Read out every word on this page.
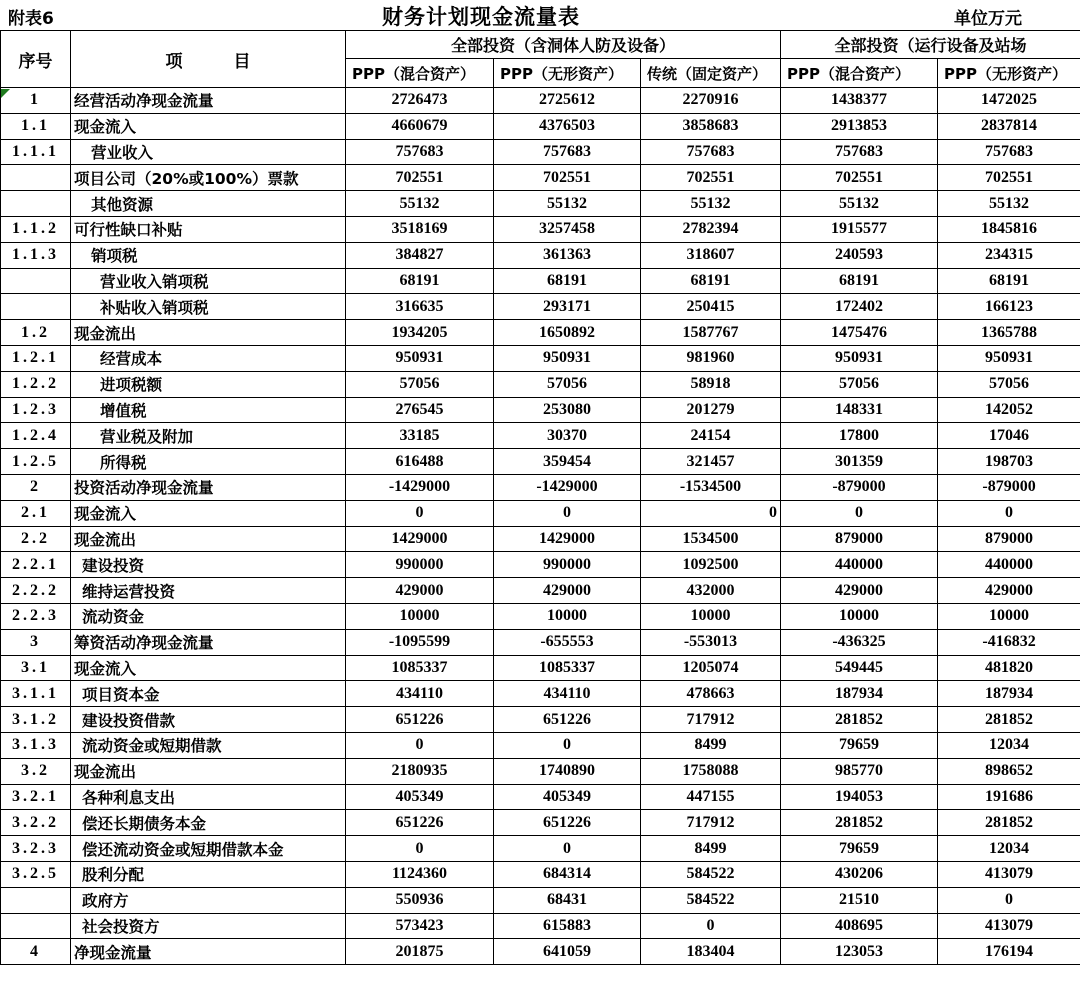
附表6	财务计划现金流量表	单位万元
序号	项　　　目	全部投资（含洞体人防及设备）			全部投资（运行设备及站场	
		PPP（混合资产）	PPP（无形资产）	传统（固定资产）	PPP（混合资产）	PPP（无形资产）
1	经营活动净现金流量	2726473	2725612	2270916	1438377	1472025
1.1	现金流入	4660679	4376503	3858683	2913853	2837814
1.1.1	营业收入	757683	757683	757683	757683	757683
	项目公司（20%或100%）票款	702551	702551	702551	702551	702551
	其他资源	55132	55132	55132	55132	55132
1.1.2	可行性缺口补贴	3518169	3257458	2782394	1915577	1845816
1.1.3	销项税	384827	361363	318607	240593	234315
	营业收入销项税	68191	68191	68191	68191	68191
	补贴收入销项税	316635	293171	250415	172402	166123
1.2	现金流出	1934205	1650892	1587767	1475476	1365788
1.2.1	经营成本	950931	950931	981960	950931	950931
1.2.2	进项税额	57056	57056	58918	57056	57056
1.2.3	增值税	276545	253080	201279	148331	142052
1.2.4	营业税及附加	33185	30370	24154	17800	17046
1.2.5	所得税	616488	359454	321457	301359	198703
2	投资活动净现金流量	-1429000	-1429000	-1534500	-879000	-879000
2.1	现金流入	0	0	0	0	0
2.2	现金流出	1429000	1429000	1534500	879000	879000
2.2.1	建设投资	990000	990000	1092500	440000	440000
2.2.2	维持运营投资	429000	429000	432000	429000	429000
2.2.3	流动资金	10000	10000	10000	10000	10000
3	筹资活动净现金流量	-1095599	-655553	-553013	-436325	-416832
3.1	现金流入	1085337	1085337	1205074	549445	481820
3.1.1	项目资本金	434110	434110	478663	187934	187934
3.1.2	建设投资借款	651226	651226	717912	281852	281852
3.1.3	流动资金或短期借款	0	0	8499	79659	12034
3.2	现金流出	2180935	1740890	1758088	985770	898652
3.2.1	各种利息支出	405349	405349	447155	194053	191686
3.2.2	偿还长期债务本金	651226	651226	717912	281852	281852
3.2.3	偿还流动资金或短期借款本金	0	0	8499	79659	12034
3.2.5	股利分配	1124360	684314	584522	430206	413079
	政府方	550936	68431	584522	21510	0
	社会投资方	573423	615883	0	408695	413079
4	净现金流量	201875	641059	183404	123053	176194
